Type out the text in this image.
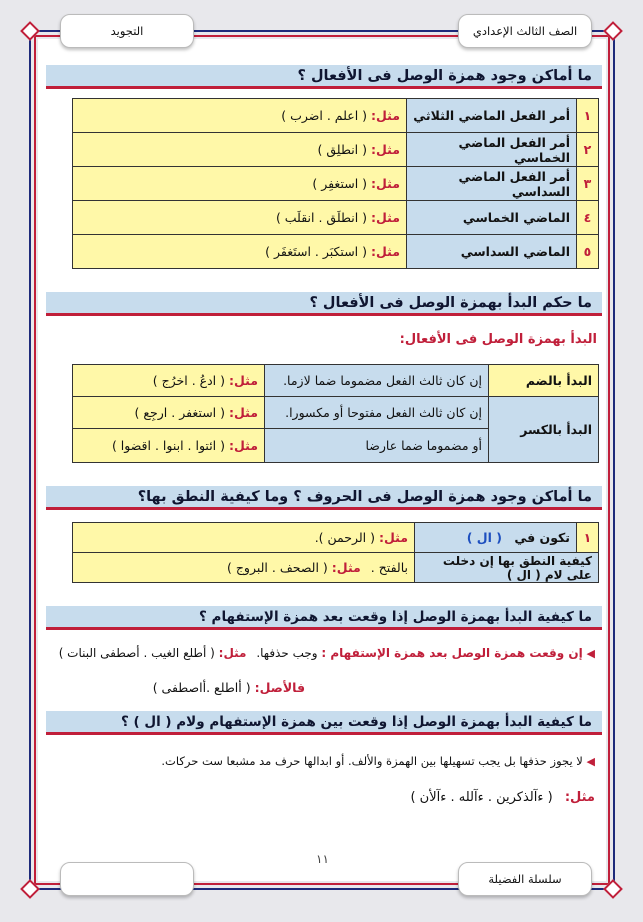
الصف الثالث الإعدادي
التجويد
ما أماكن وجود همزة الوصل فى الأفعال ؟
١	أمر الفعل الماضي الثلاثي	مثل: ( اعلم . اضرب )
٢	أمر الفعل الماضي الخماسي	مثل: ( انطلِق )
٣	أمر الفعل الماضي السداسي	مثل: ( استغفِر )
٤	الماضي الخماسي	مثل: ( انطلَق . انقلَب )
٥	الماضي السداسي	مثل: ( استكبَر . استَغفَر )
ما حكم البدأ بهمزة الوصل فى الأفعال ؟
البدأ بهمزة الوصل فى الأفعال:
البدأ بالضم	إن كان ثالث الفعل مضموما ضما لازما.	مثل: ( ادعُ . اخرُج )
البدأ بالكسر	إن كان ثالث الفعل مفتوحا أو مكسورا.	مثل: ( استغفر . ارجِع )
	أو مضموما ضما عارضا	مثل: ( ائتوا . ابنوا . اقضوا )
ما أماكن وجود همزة الوصل فى الحروف ؟ وما كيفية النطق بها؟
١	تكون في ( ال )	مثل: ( الرحمن ).
كيفية النطق بها إن دخلت على لام ( ال )		بالفتح . مثل: ( الصحف . البروج )
ما كيفية البدأ بهمزة الوصل إذا وقعت بعد همزة الإستفهام ؟
◀ إن وقعت همزة الوصل بعد همزة الإستفهام : وجب حذفها. مثل: ( أطلع الغيب . أصطفى البنات )
فالأصل: ( أاطلع .أاصطفى )
ما كيفية البدأ بهمزة الوصل إذا وقعت بين همزة الإستفهام ولام ( ال ) ؟
◀ لا يجوز حذفها بل يجب تسهيلها بين الهمزة والألف. أو ابدالها حرف مد مشبعا ست حركات.
مثل: ( ءآلذكرين . ءآلله . ءآلأن )
١١
سلسلة الفضيلة
